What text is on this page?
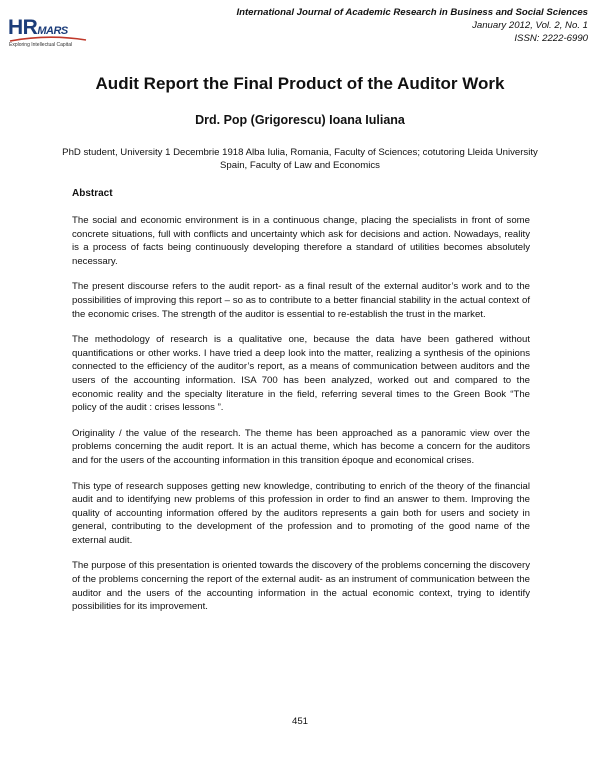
HRMARS
Exploring Intellectual Capital
International Journal of Academic Research in Business and Social Sciences
January 2012, Vol. 2, No. 1
ISSN: 2222-6990
Audit Report the Final Product of the Auditor Work
Drd. Pop (Grigorescu) Ioana Iuliana
PhD student, University 1 Decembrie 1918 Alba Iulia, Romania, Faculty of Sciences; cotutoring Lleida University Spain, Faculty of Law and Economics
Abstract

The social and economic environment is in a continuous change, placing the specialists in front of some concrete situations, full with conflicts and uncertainty which ask for decisions and action. Nowadays, reality is a process of facts being continuously developing therefore a standard of utilities becomes absolutely necessary.

The present discourse refers to the audit report- as a final result of the external auditor’s work and to the possibilities of improving this report – so as to contribute to a better financial stability in the actual context of the economic crises. The strength of the auditor is essential to re-establish the trust in the market.

The methodology of research is a qualitative one, because the data have been gathered without quantifications or other works. I have tried a deep look into the matter, realizing a synthesis of the opinions connected to the efficiency of the auditor’s report, as a means of communication between auditors and the users of the accounting information. ISA 700 has been analyzed, worked out and compared to the economic reality and the specialty literature in the field, referring several times to the Green Book “The policy of the audit : crises lessons ”.

Originality / the value of the research. The theme has been approached as a panoramic view over the problems concerning the audit report. It is an actual theme, which has become a concern for the auditors and for the users of the accounting information in this transition époque and economical crises.

This type of research supposes getting new knowledge, contributing to enrich of the theory of the financial audit and to identifying new problems of this profession in order to find an answer to them. Improving the quality of accounting information offered by the auditors represents a gain both for users and society in general, contributing to the development of the profession and to promoting of the good name of the external audit.

The purpose of this presentation is oriented towards the discovery of the problems concerning the discovery of the problems concerning the report of the external audit- as an instrument of communication between the auditor and the users of the accounting information in the actual economic context, trying to identify possibilities for its improvement.

451
